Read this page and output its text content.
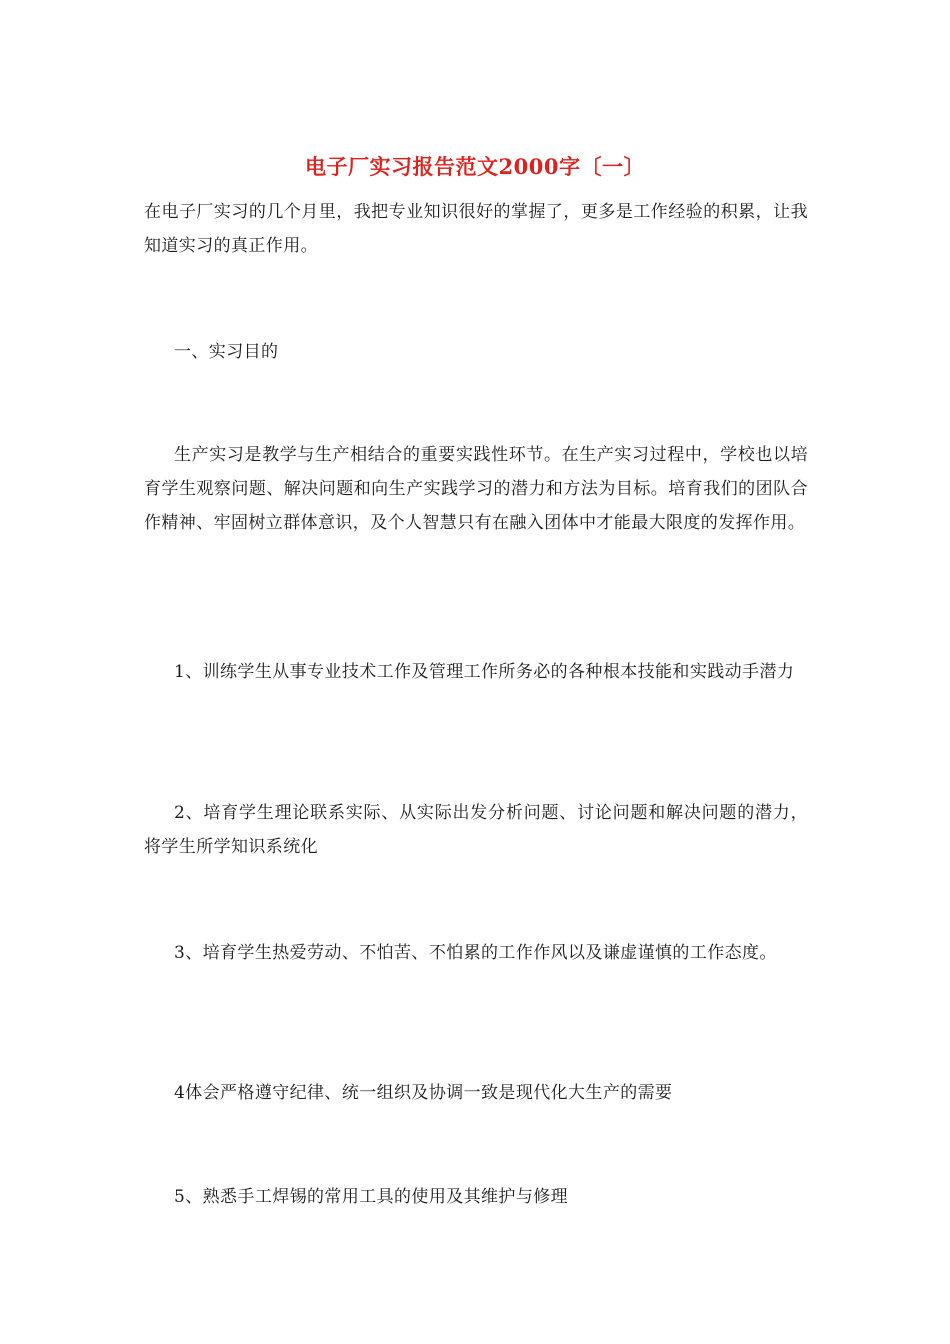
电子厂实习报告范文2000字〔一〕

在电子厂实习的几个月里，我把专业知识很好的掌握了，更多是工作经验的积累，让我知道实习的真正作用。

一、实习目的

生产实习是教学与生产相结合的重要实践性环节。在生产实习过程中，学校也以培育学生观察问题、解决问题和向生产实践学习的潜力和方法为目标。培育我们的团队合作精神、牢固树立群体意识，及个人智慧只有在融入团体中才能最大限度的发挥作用。

1、训练学生从事专业技术工作及管理工作所务必的各种根本技能和实践动手潜力

2、培育学生理论联系实际、从实际出发分析问题、讨论问题和解决问题的潜力，将学生所学知识系统化

3、培育学生热爱劳动、不怕苦、不怕累的工作作风以及谦虚谨慎的工作态度。

4体会严格遵守纪律、统一组织及协调一致是现代化大生产的需要

5、熟悉手工焊锡的常用工具的使用及其维护与修理
